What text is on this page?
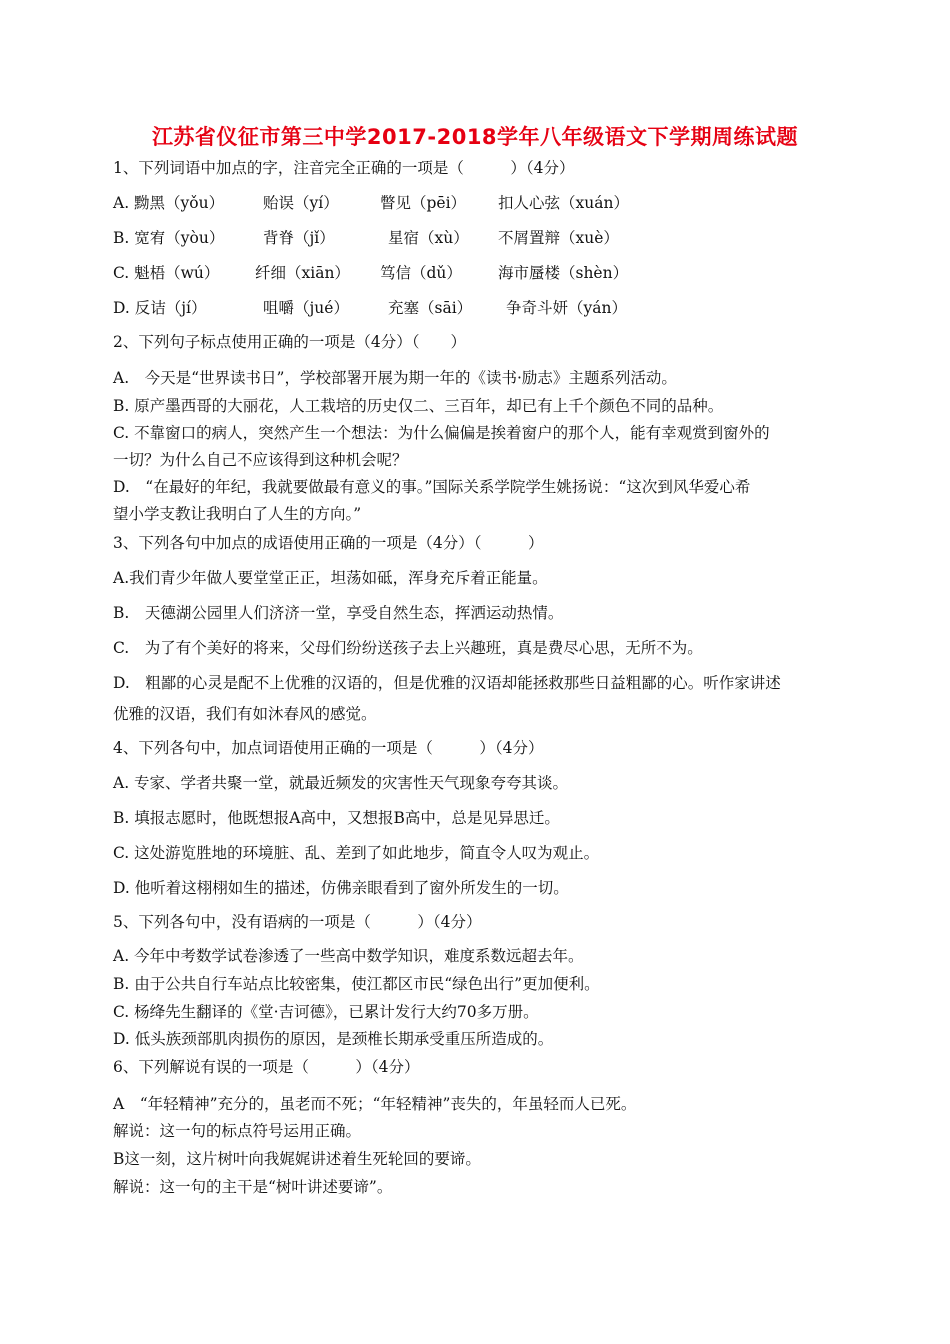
江苏省仪征市第三中学2017-2018学年八年级语文下学期周练试题
1、下列词语中加点的字，注音完全正确的一项是（　　　）（4分）
A. 黝黑（yǒu）	贻误（yí）	瞥见（pēi） 扣人心弦（xuán）
B. 宽宥（yòu） 背脊（jǐ）	星宿（xù） 不屑置辩（xuè）
C. 魁梧（wú） 纤细（xiān） 笃信（dǔ） 海市蜃楼（shèn）
D. 反诘（jí）	咀嚼（jué）	充塞（sāi） 争奇斗妍（yán）
2、下列句子标点使用正确的一项是（4分）（　　）
A.　今天是“世界读书日”，学校部署开展为期一年的《读书·励志》主题系列活动。
B. 原产墨西哥的大丽花，人工栽培的历史仅二、三百年，却已有上千个颜色不同的品种。
C. 不靠窗口的病人，突然产生一个想法：为什么偏偏是挨着窗户的那个人，能有幸观赏到窗外的
一切？为什么自己不应该得到这种机会呢？
D.　“在最好的年纪，我就要做最有意义的事。”国际关系学院学生姚扬说：“这次到风华爱心希
望小学支教让我明白了人生的方向。”
3、下列各句中加点的成语使用正确的一项是（4分）（　　　）
A.我们青少年做人要堂堂正正，坦荡如砥，浑身充斥着正能量。
B.　天德湖公园里人们济济一堂，享受自然生态，挥洒运动热情。
C.　为了有个美好的将来，父母们纷纷送孩子去上兴趣班，真是费尽心思，无所不为。
D.　粗鄙的心灵是配不上优雅的汉语的，但是优雅的汉语却能拯救那些日益粗鄙的心。听作家讲述
优雅的汉语，我们有如沐春风的感觉。
4、下列各句中，加点词语使用正确的一项是（　　　）（4分）
A. 专家、学者共聚一堂，就最近频发的灾害性天气现象夸夸其谈。
B. 填报志愿时，他既想报A高中，又想报B高中，总是见异思迁。
C. 这处游览胜地的环境脏、乱、差到了如此地步，简直令人叹为观止。
D. 他听着这栩栩如生的描述，仿佛亲眼看到了窗外所发生的一切。
5、下列各句中，没有语病的一项是（　　　）（4分）
A. 今年中考数学试卷渗透了一些高中数学知识，难度系数远超去年。
B. 由于公共自行车站点比较密集，使江都区市民“绿色出行”更加便利。
C. 杨绛先生翻译的《堂·吉诃德》，已累计发行大约70多万册。
D. 低头族颈部肌肉损伤的原因，是颈椎长期承受重压所造成的。
6、下列解说有误的一项是（　　　）（4分）
A　“年轻精神”充分的，虽老而不死；“年轻精神”丧失的，年虽轻而人已死。
解说：这一句的标点符号运用正确。
B这一刻，这片树叶向我娓娓讲述着生死轮回的要谛。
解说：这一句的主干是“树叶讲述要谛”。
